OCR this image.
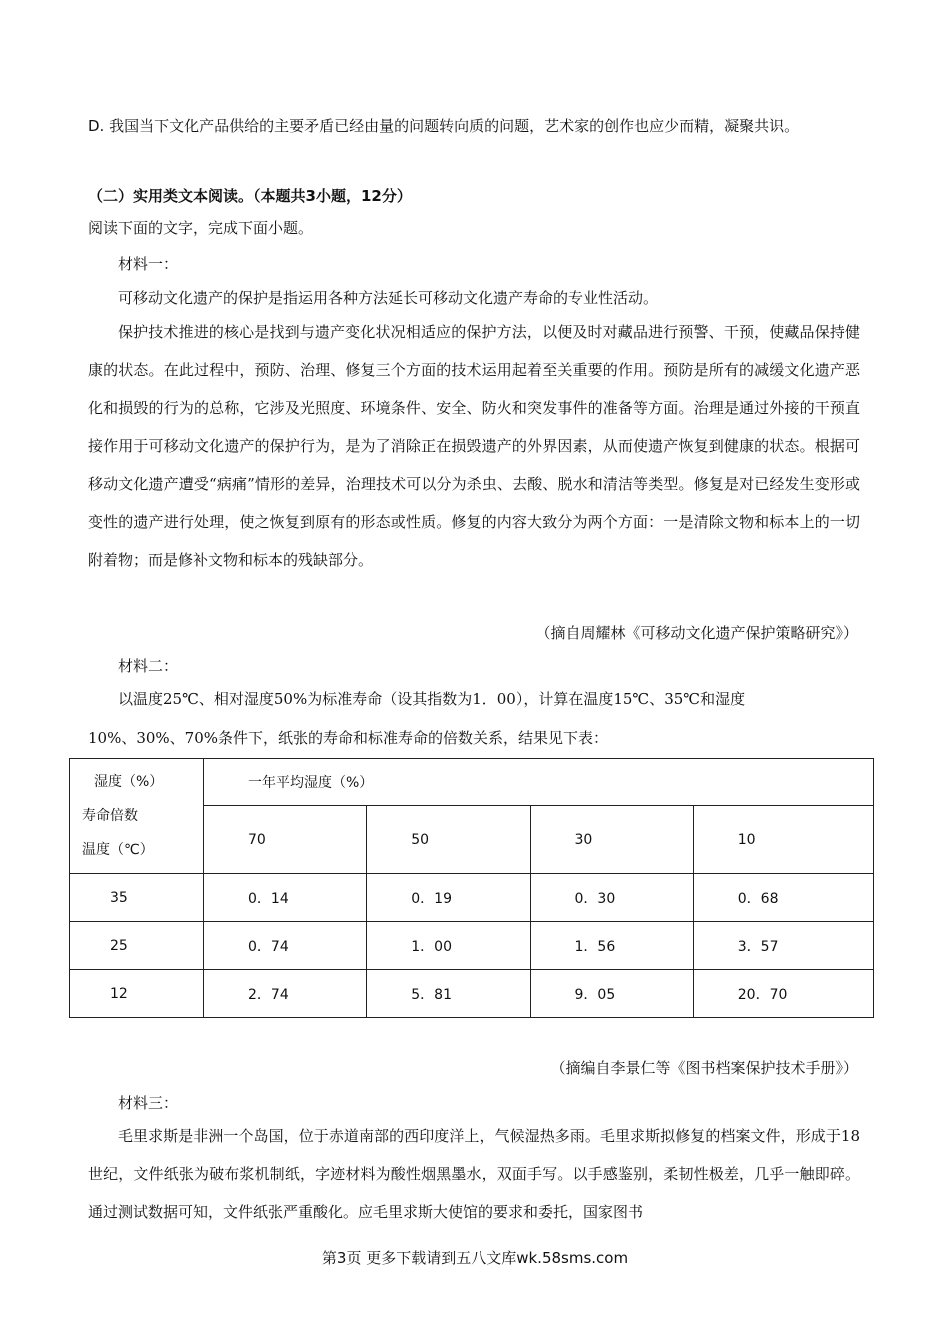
D. 我国当下文化产品供给的主要矛盾已经由量的问题转向质的问题，艺术家的创作也应少而精，凝聚共识。
（二）实用类文本阅读。（本题共3小题，12分）
阅读下面的文字，完成下面小题。
材料一：
可移动文化遗产的保护是指运用各种方法延长可移动文化遗产寿命的专业性活动。
保护技术推进的核心是找到与遗产变化状况相适应的保护方法，以便及时对藏品进行预警、干预，使藏品保持健康的状态。在此过程中，预防、治理、修复三个方面的技术运用起着至关重要的作用。预防是所有的减缓文化遗产恶化和损毁的行为的总称，它涉及光照度、环境条件、安全、防火和突发事件的准备等方面。治理是通过外接的干预直接作用于可移动文化遗产的保护行为，是为了消除正在损毁遗产的外界因素，从而使遗产恢复到健康的状态。根据可移动文化遗产遭受“病痛”情形的差异，治理技术可以分为杀虫、去酸、脱水和清洁等类型。修复是对已经发生变形或变性的遗产进行处理，使之恢复到原有的形态或性质。修复的内容大致分为两个方面：一是清除文物和标本上的一切附着物；而是修补文物和标本的残缺部分。
（摘自周耀林《可移动文化遗产保护策略研究》）
材料二：
以温度25℃、相对湿度50%为标准寿命（设其指数为1．00），计算在温度15℃、35℃和湿度
10%、30%、70%条件下，纸张的寿命和标准寿命的倍数关系，结果见下表：
湿度（%）
寿命倍数
温度（℃）	一年平均湿度（%）			
	70	50	30	10
35	0．14	0．19	0．30	0．68
25	0．74	1．00	1．56	3．57
12	2．74	5．81	9．05	20．70
（摘编自李景仁等《图书档案保护技术手册》）
材料三：
毛里求斯是非洲一个岛国，位于赤道南部的西印度洋上，气候湿热多雨。毛里求斯拟修复的档案文件，形成于18世纪，文件纸张为破布浆机制纸，字迹材料为酸性烟黑墨水，双面手写。以手感鉴别，柔韧性极差，几乎一触即碎。通过测试数据可知，文件纸张严重酸化。应毛里求斯大使馆的要求和委托，国家图书
第3页 更多下载请到五八文库wk.58sms.com
